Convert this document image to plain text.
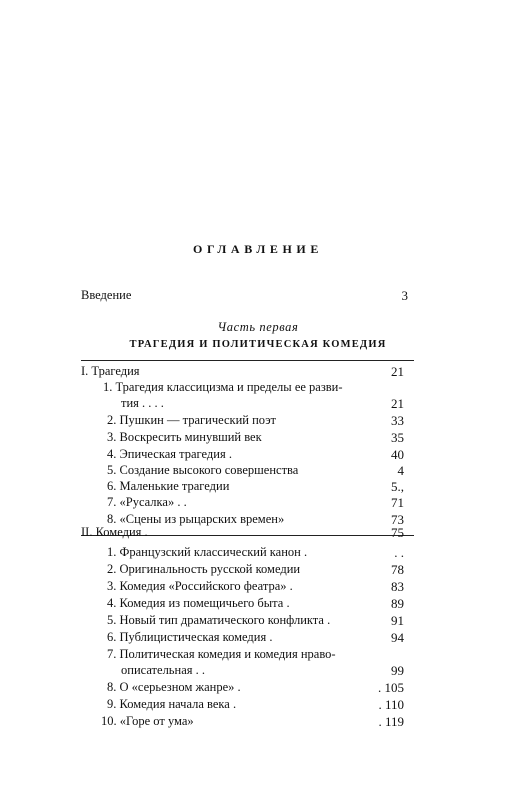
ОГЛАВЛЕНИЕ
Введение	3
Часть первая
ТРАГЕДИЯ И ПОЛИТИЧЕСКАЯ КОМЕДИЯ
I. Трагедия	21
1. Трагедия классицизма и пределы ее разви-
тия . . . .	21
2. Пушкин — трагический поэт	33
3. Воскресить минувший век	35
4. Эпическая трагедия .	40
5. Создание высокого совершенства	4
6. Маленькие трагедии	5.,
7. «Русалка» . .	71
8. «Сцены из рыцарских времен»	73
II. Комедия .	75
1. Французский классический канон .	. .
2. Оригинальность русской комедии	78
3. Комедия «Российского феатра» .	83
4. Комедия из помещичьего быта .	89
5. Новый тип драматического конфликта .	91
6. Публицистическая комедия .	94
7. Политическая комедия и комедия нраво-
описательная . .	99
8. О «серьезном жанре» .	. 105
9. Комедия начала века .	. 110
10. «Горе от ума»	. 119
